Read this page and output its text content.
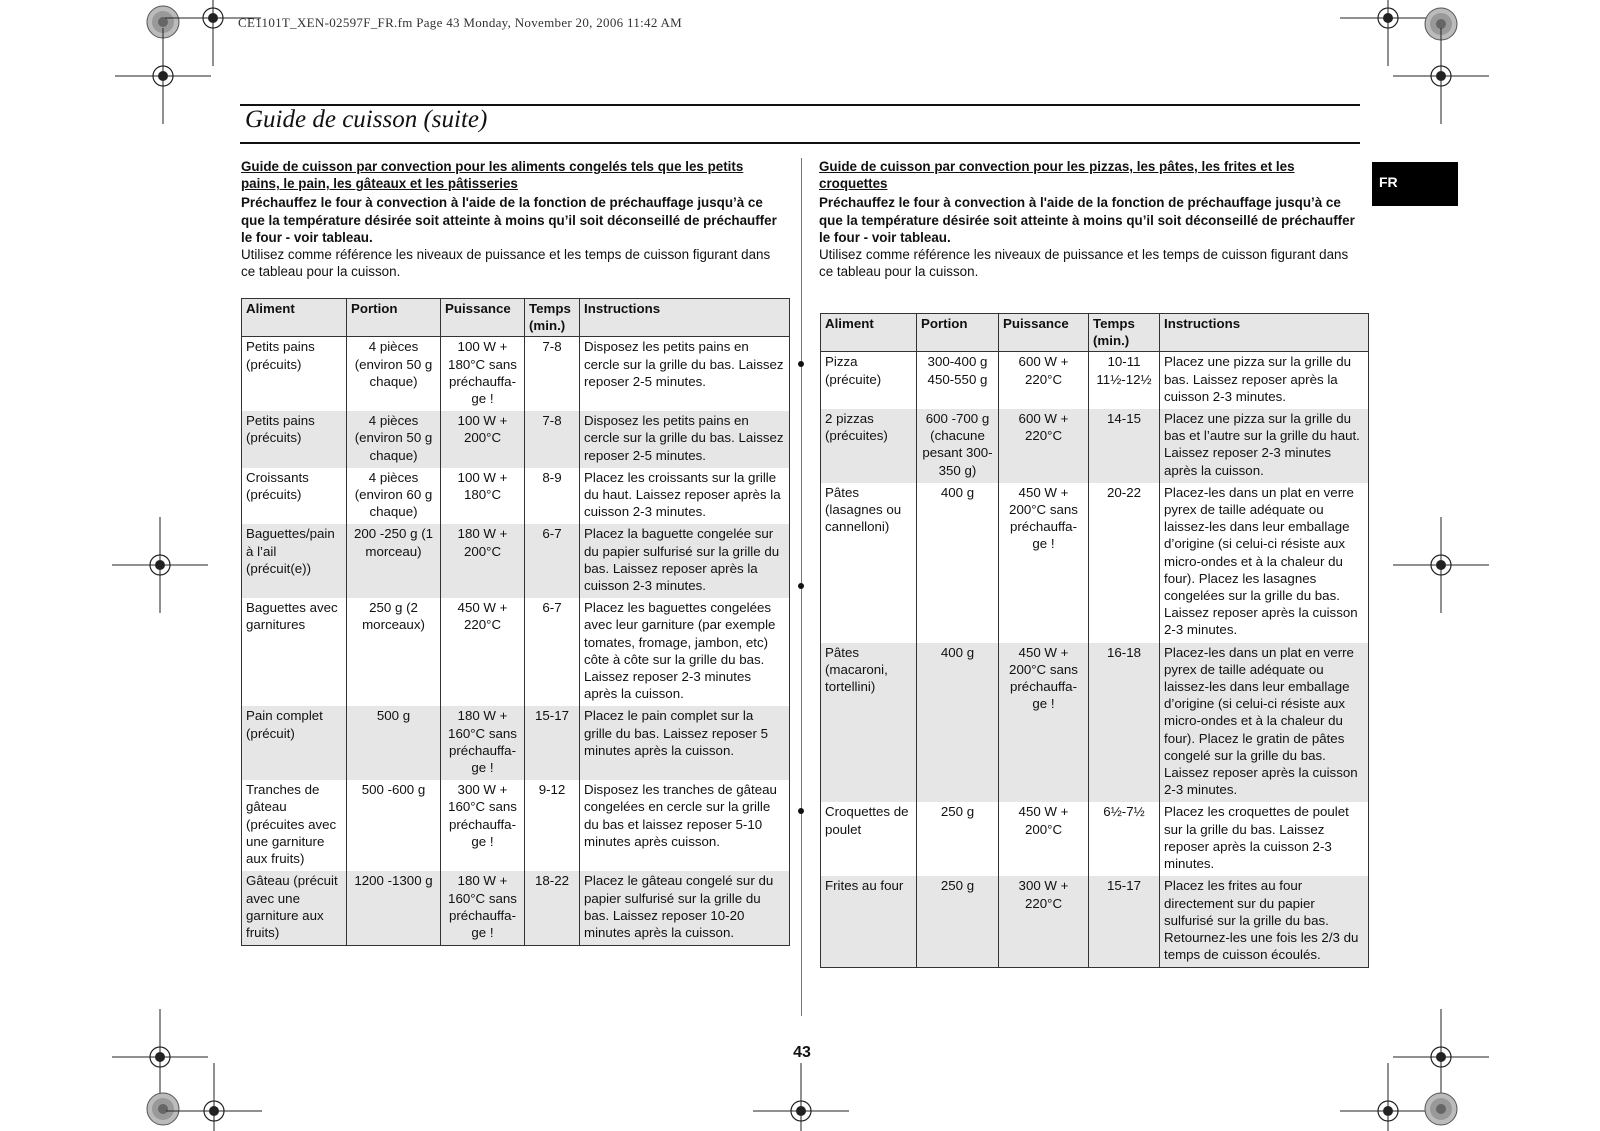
CE1101T_XEN-02597F_FR.fm Page 43 Monday, November 20, 2006 11:42 AM
Guide de cuisson (suite)
FR
Guide de cuisson par convection pour les aliments congelés tels que les petits pains, le pain, les gâteaux et les pâtisseries
Préchauffez le four à convection à l'aide de la fonction de préchauffage jusqu’à ce que la température désirée soit atteinte à moins qu’il soit déconseillé de préchauffer le four - voir tableau.
Utilisez comme référence les niveaux de puissance et les temps de cuisson figurant dans ce tableau pour la cuisson.
Aliment	Portion	Puissance	Temps (min.)	Instructions
Petits pains (précuits)	4 pièces (environ 50 g chaque)	100 W + 180°C sans préchauffa-ge !	7-8	Disposez les petits pains en cercle sur la grille du bas. Laissez reposer 2-5 minutes.
Petits pains (précuits)	4 pièces (environ 50 g chaque)	100 W + 200°C	7-8	Disposez les petits pains en cercle sur la grille du bas. Laissez reposer 2-5 minutes.
Croissants (précuits)	4 pièces (environ 60 g chaque)	100 W + 180°C	8-9	Placez les croissants sur la grille du haut. Laissez reposer après la cuisson 2-3 minutes.
Baguettes/pain à l’ail (précuit(e))	200 -250 g (1 morceau)	180 W + 200°C	6-7	Placez la baguette congelée sur du papier sulfurisé sur la grille du bas. Laissez reposer après la cuisson 2-3 minutes.
Baguettes avec garnitures	250 g (2 morceaux)	450 W + 220°C	6-7	Placez les baguettes congelées avec leur garniture (par exemple tomates, fromage, jambon, etc) côte à côte sur la grille du bas. Laissez reposer 2-3 minutes après la cuisson.
Pain complet (précuit)	500 g	180 W + 160°C sans préchauffa-ge !	15-17	Placez le pain complet sur la grille du bas. Laissez reposer 5 minutes après la cuisson.
Tranches de gâteau (précuites avec une garniture aux fruits)	500 -600 g	300 W + 160°C sans préchauffa-ge !	9-12	Disposez les tranches de gâteau congelées en cercle sur la grille du bas et laissez reposer 5-10 minutes après cuisson.
Gâteau (précuit avec une garniture aux fruits)	1200 -1300 g	180 W + 160°C sans préchauffa-ge !	18-22	Placez le gâteau congelé sur du papier sulfurisé sur la grille du bas. Laissez reposer 10-20 minutes après la cuisson.
Guide de cuisson par convection pour les pizzas, les pâtes, les frites et les croquettes
Préchauffez le four à convection à l'aide de la fonction de préchauffage jusqu’à ce que la température désirée soit atteinte à moins qu’il soit déconseillé de préchauffer le four - voir tableau.
Utilisez comme référence les niveaux de puissance et les temps de cuisson figurant dans ce tableau pour la cuisson.
Aliment	Portion	Puissance	Temps (min.)	Instructions
Pizza (précuite)	300-400 g 450-550 g	600 W + 220°C	10-11 11½-12½	Placez une pizza sur la grille du bas. Laissez reposer après la cuisson 2-3 minutes.
2 pizzas (précuites)	600 -700 g (chacune pesant 300-350 g)	600 W + 220°C	14-15	Placez une pizza sur la grille du bas et l’autre sur la grille du haut. Laissez reposer 2-3 minutes après la cuisson.
Pâtes (lasagnes ou cannelloni)	400 g	450 W + 200°C sans préchauffa-ge !	20-22	Placez-les dans un plat en verre pyrex de taille adéquate ou laissez-les dans leur emballage d’origine (si celui-ci résiste aux micro-ondes et à la chaleur du four). Placez les lasagnes congelées sur la grille du bas. Laissez reposer après la cuisson 2-3 minutes.
Pâtes (macaroni, tortellini)	400 g	450 W + 200°C sans préchauffa-ge !	16-18	Placez-les dans un plat en verre pyrex de taille adéquate ou laissez-les dans leur emballage d’origine (si celui-ci résiste aux micro-ondes et à la chaleur du four). Placez le gratin de pâtes congelé sur la grille du bas. Laissez reposer après la cuisson 2-3 minutes.
Croquettes de poulet	250 g	450 W + 200°C	6½-7½	Placez les croquettes de poulet sur la grille du bas. Laissez reposer après la cuisson 2-3 minutes.
Frites au four	250 g	300 W + 220°C	15-17	Placez les frites au four directement sur du papier sulfurisé sur la grille du bas. Retournez-les une fois les 2/3 du temps de cuisson écoulés.
43
